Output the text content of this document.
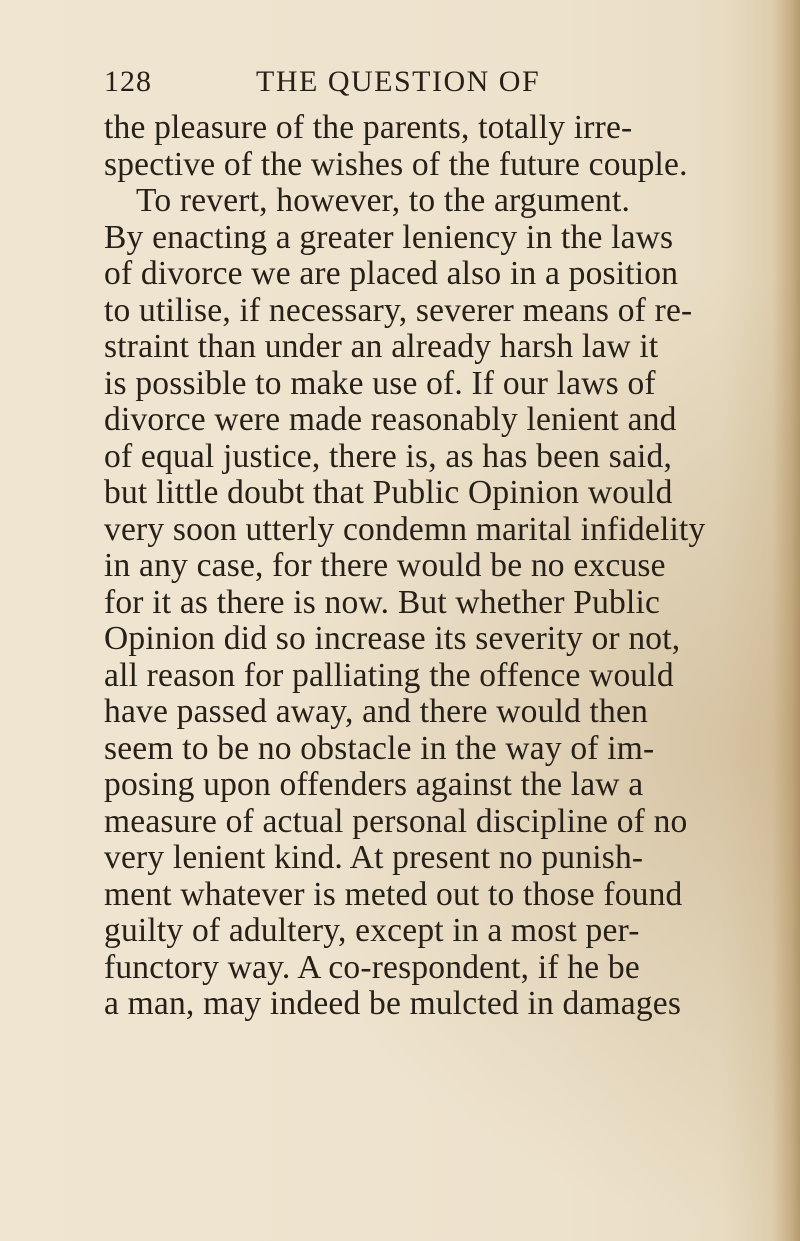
128	THE QUESTION OF
the pleasure of the parents, totally irre-
spective of the wishes of the future couple.
To revert, however, to the argument.
By enacting a greater leniency in the laws
of divorce we are placed also in a position
to utilise, if necessary, severer means of re-
straint than under an already harsh law it
is possible to make use of. If our laws of
divorce were made reasonably lenient and
of equal justice, there is, as has been said,
but little doubt that Public Opinion would
very soon utterly condemn marital infidelity
in any case, for there would be no excuse
for it as there is now. But whether Public
Opinion did so increase its severity or not,
all reason for palliating the offence would
have passed away, and there would then
seem to be no obstacle in the way of im-
posing upon offenders against the law a
measure of actual personal discipline of no
very lenient kind. At present no punish-
ment whatever is meted out to those found
guilty of adultery, except in a most per-
functory way. A co-respondent, if he be
a man, may indeed be mulcted in damages
